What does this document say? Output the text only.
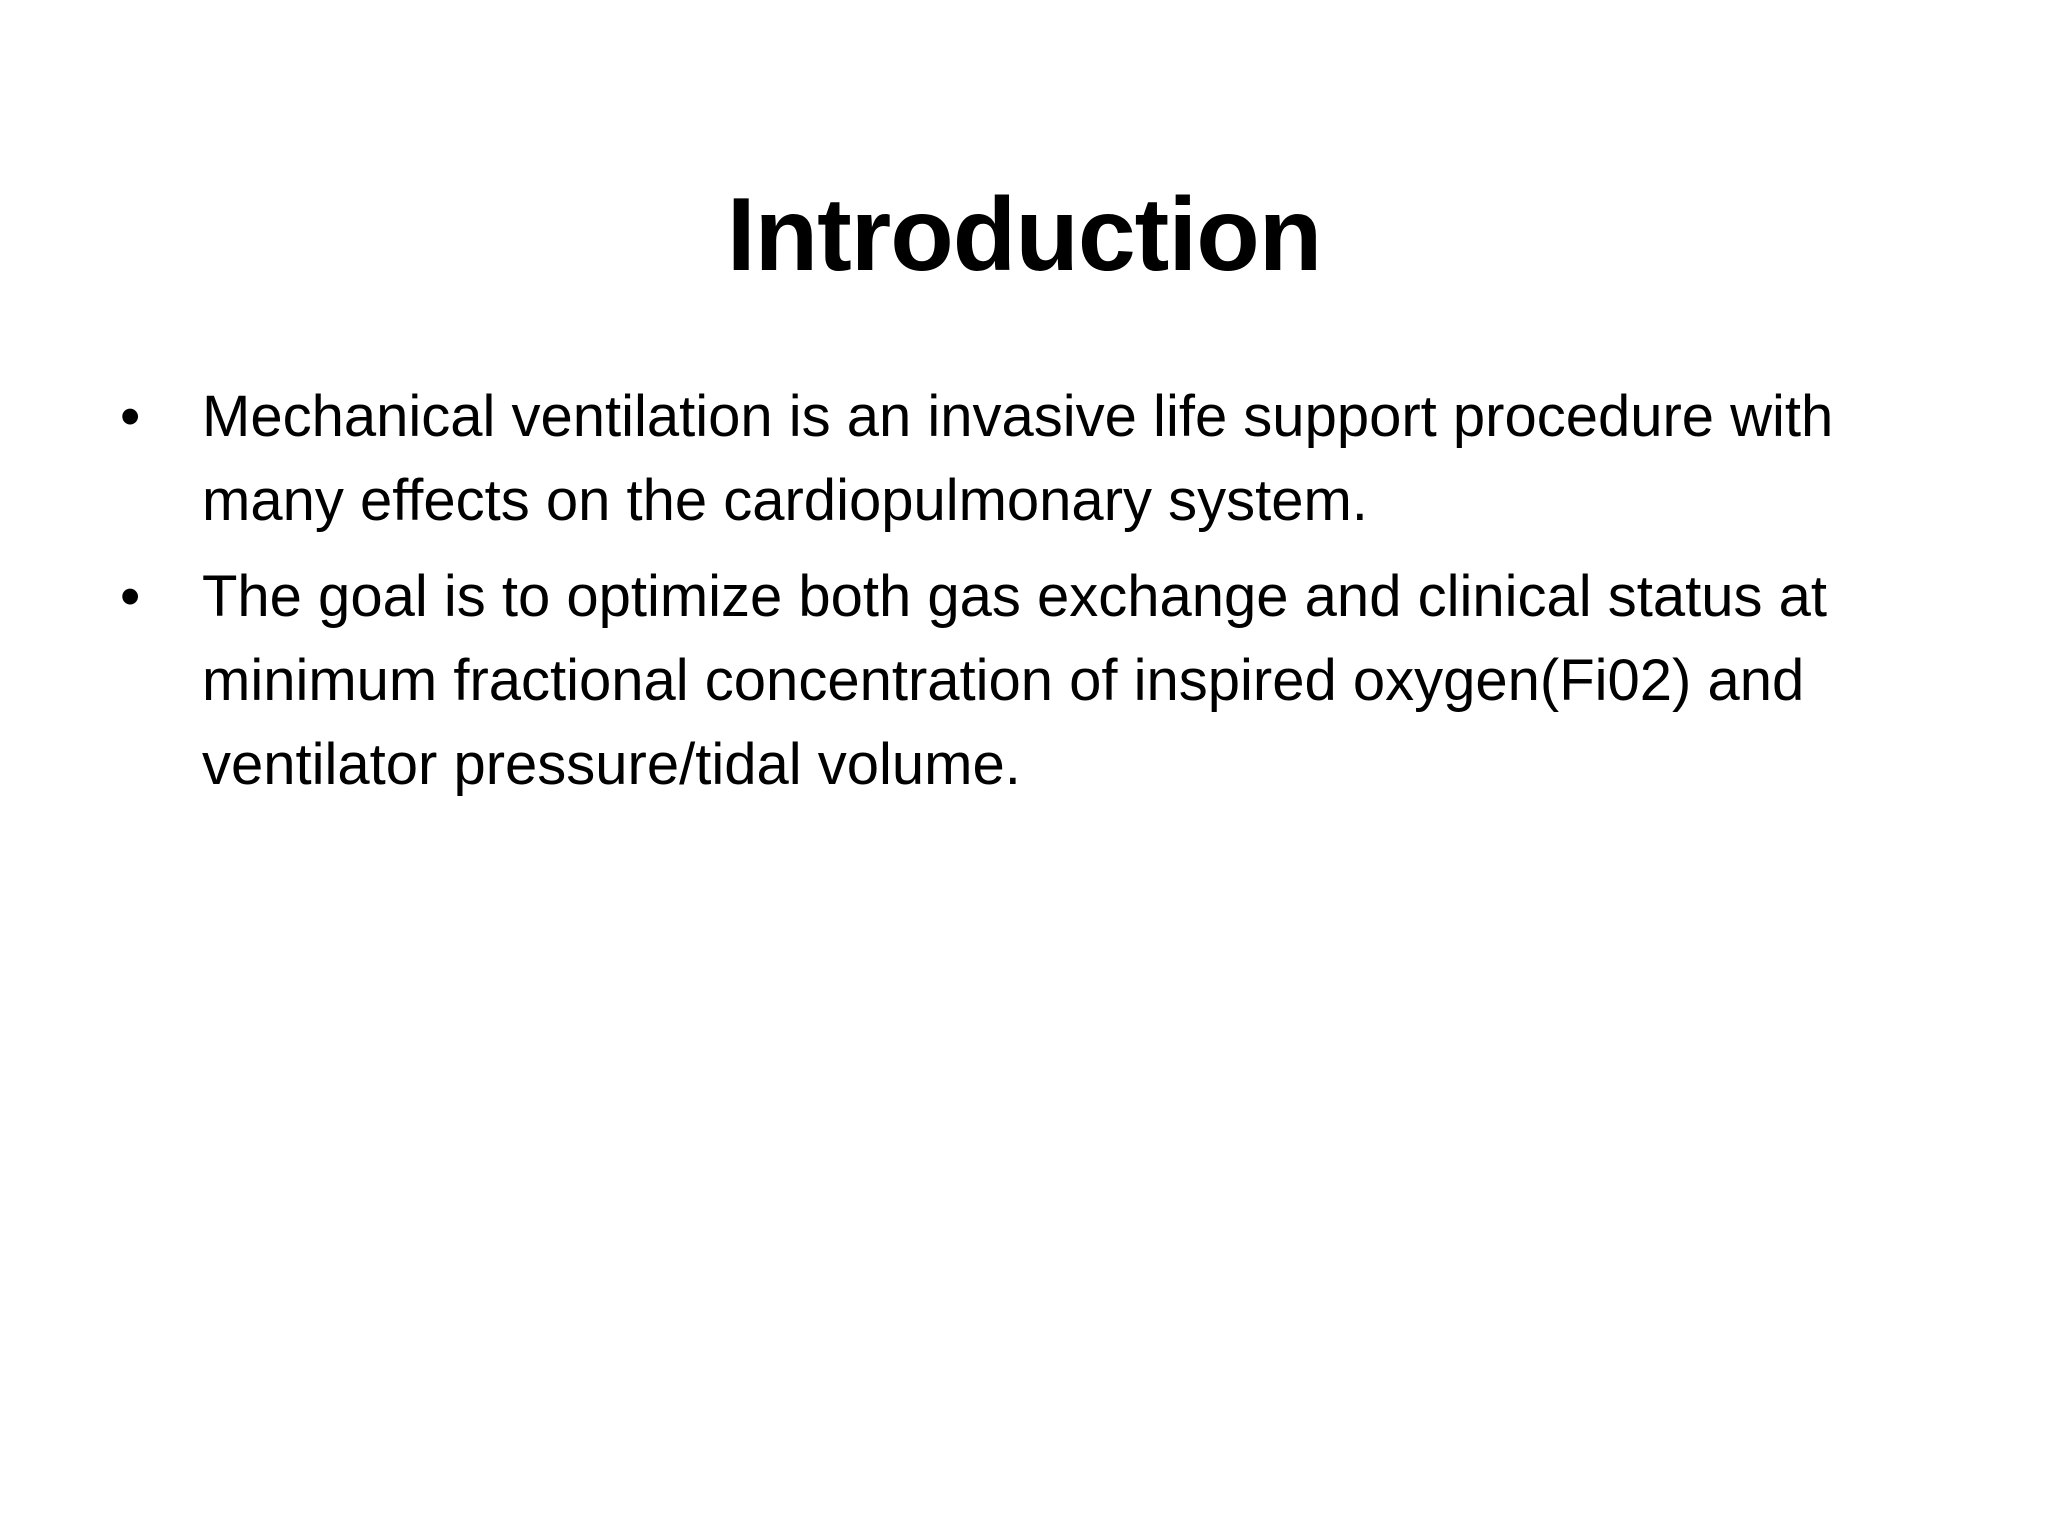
Introduction
•	Mechanical ventilation is an invasive life support procedure with many effects on the cardiopulmonary system.
•	The goal is to optimize both gas exchange and clinical status at minimum fractional concentration of inspired oxygen(Fi02) and ventilator pressure/tidal volume.
